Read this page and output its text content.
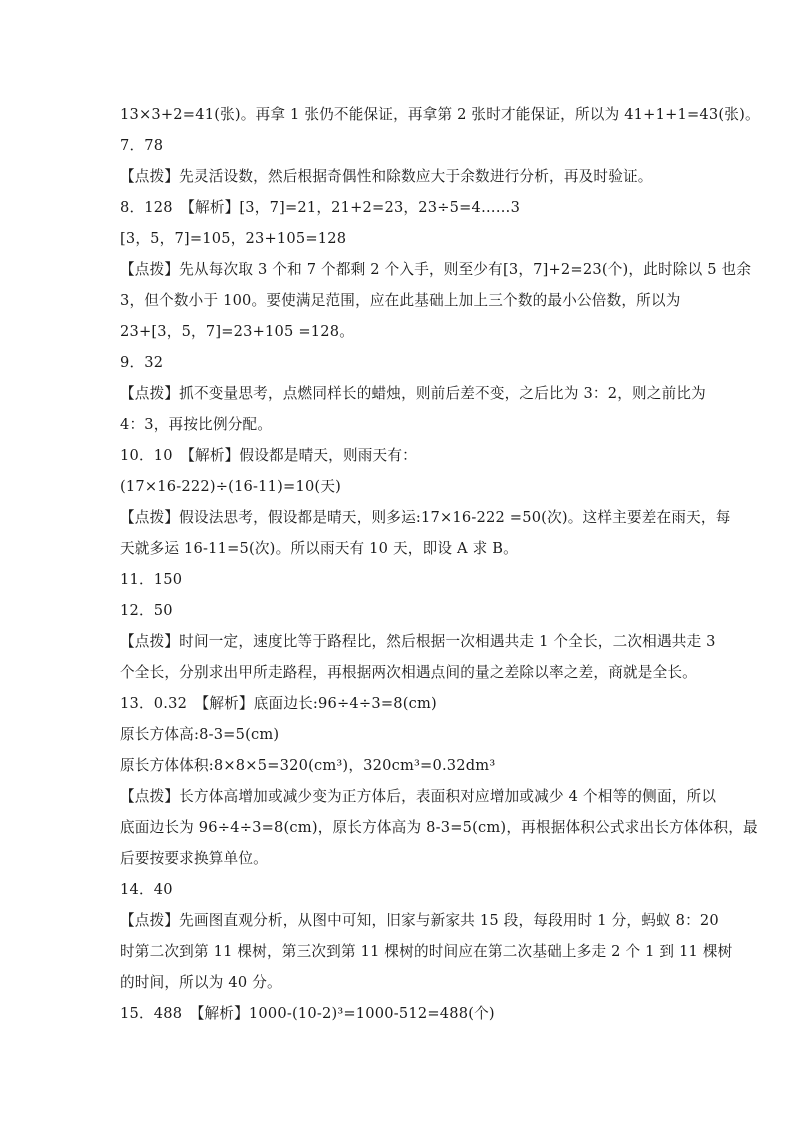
13×3+2=41(张)。再拿 1 张仍不能保证，再拿第 2 张时才能保证，所以为 41+1+1=43(张)。
7．78
【点拨】先灵活设数，然后根据奇偶性和除数应大于余数进行分析，再及时验证。
8．128　【解析】[3，7]=21，21+2=23，23÷5=4……3
[3，5，7]=105，23+105=128
【点拨】先从每次取 3 个和 7 个都剩 2 个入手，则至少有[3，7]+2=23(个)，此时除以 5 也余
3，但个数小于 100。要使满足范围，应在此基础上加上三个数的最小公倍数，所以为
23+[3，5，7]=23+105 =128。
9．32
【点拨】抓不变量思考，点燃同样长的蜡烛，则前后差不变，之后比为 3：2，则之前比为
4：3，再按比例分配。
10．10　【解析】假设都是晴天，则雨天有：
(17×16-222)÷(16-11)=10(天)
【点拨】假设法思考，假设都是晴天，则多运:17×16-222 =50(次)。这样主要差在雨天，每
天就多运 16-11=5(次)。所以雨天有 10 天，即设 A 求 B。
11．150
12．50
【点拨】时间一定，速度比等于路程比，然后根据一次相遇共走 1 个全长，二次相遇共走 3
个全长，分别求出甲所走路程，再根据两次相遇点间的量之差除以率之差，商就是全长。
13．0.32　【解析】底面边长:96÷4÷3=8(cm)
原长方体高:8-3=5(cm)
原长方体体积:8×8×5=320(cm³)，320cm³=0.32dm³
【点拨】长方体高增加或减少变为正方体后，表面积对应增加或减少 4 个相等的侧面，所以
底面边长为 96÷4÷3=8(cm)，原长方体高为 8-3=5(cm)，再根据体积公式求出长方体体积，最
后要按要求换算单位。
14．40
【点拨】先画图直观分析，从图中可知，旧家与新家共 15 段，每段用时 1 分，蚂蚁 8：20
时第二次到第 11 棵树，第三次到第 11 棵树的时间应在第二次基础上多走 2 个 1 到 11 棵树
的时间，所以为 40 分。
15．488　【解析】1000-(10-2)³=1000-512=488(个)
